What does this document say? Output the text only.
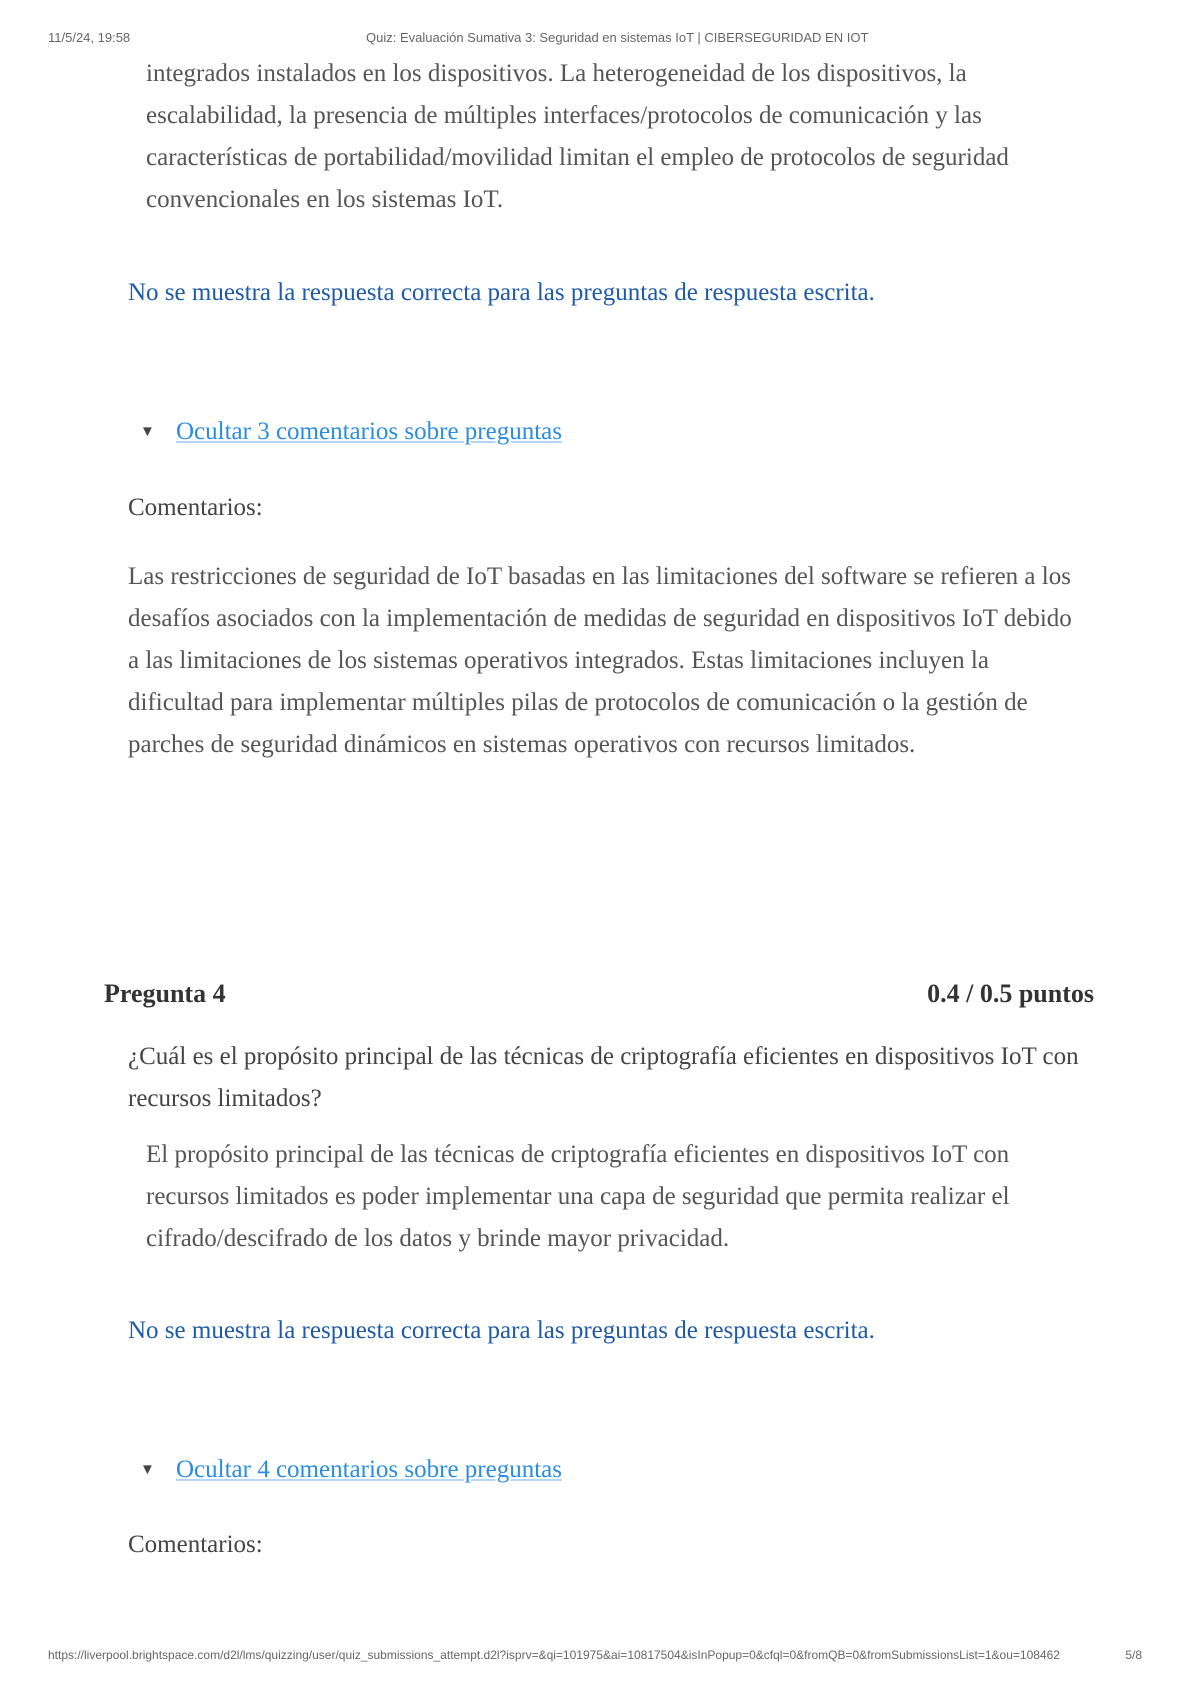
11/5/24, 19:58	Quiz: Evaluación Sumativa 3: Seguridad en sistemas IoT | CIBERSEGURIDAD EN IOT

integrados instalados en los dispositivos. La heterogeneidad de los dispositivos, la escalabilidad, la presencia de múltiples interfaces/protocolos de comunicación y las características de portabilidad/movilidad limitan el empleo de protocolos de seguridad convencionales en los sistemas IoT.

No se muestra la respuesta correcta para las preguntas de respuesta escrita.

▼ Ocultar 3 comentarios sobre preguntas

Comentarios:

Las restricciones de seguridad de IoT basadas en las limitaciones del software se refieren a los desafíos asociados con la implementación de medidas de seguridad en dispositivos IoT debido a las limitaciones de los sistemas operativos integrados. Estas limitaciones incluyen la dificultad para implementar múltiples pilas de protocolos de comunicación o la gestión de parches de seguridad dinámicos en sistemas operativos con recursos limitados.

Pregunta 4	0.4 / 0.5 puntos

¿Cuál es el propósito principal de las técnicas de criptografía eficientes en dispositivos IoT con recursos limitados?

El propósito principal de las técnicas de criptografía eficientes en dispositivos IoT con recursos limitados es poder implementar una capa de seguridad que permita realizar el cifrado/descifrado de los datos y brinde mayor privacidad.

No se muestra la respuesta correcta para las preguntas de respuesta escrita.

▼ Ocultar 4 comentarios sobre preguntas

Comentarios:

https://liverpool.brightspace.com/d2l/lms/quizzing/user/quiz_submissions_attempt.d2l?isprv=&qi=101975&ai=10817504&isInPopup=0&cfql=0&fromQB=0&fromSubmissionsList=1&ou=108462	5/8
